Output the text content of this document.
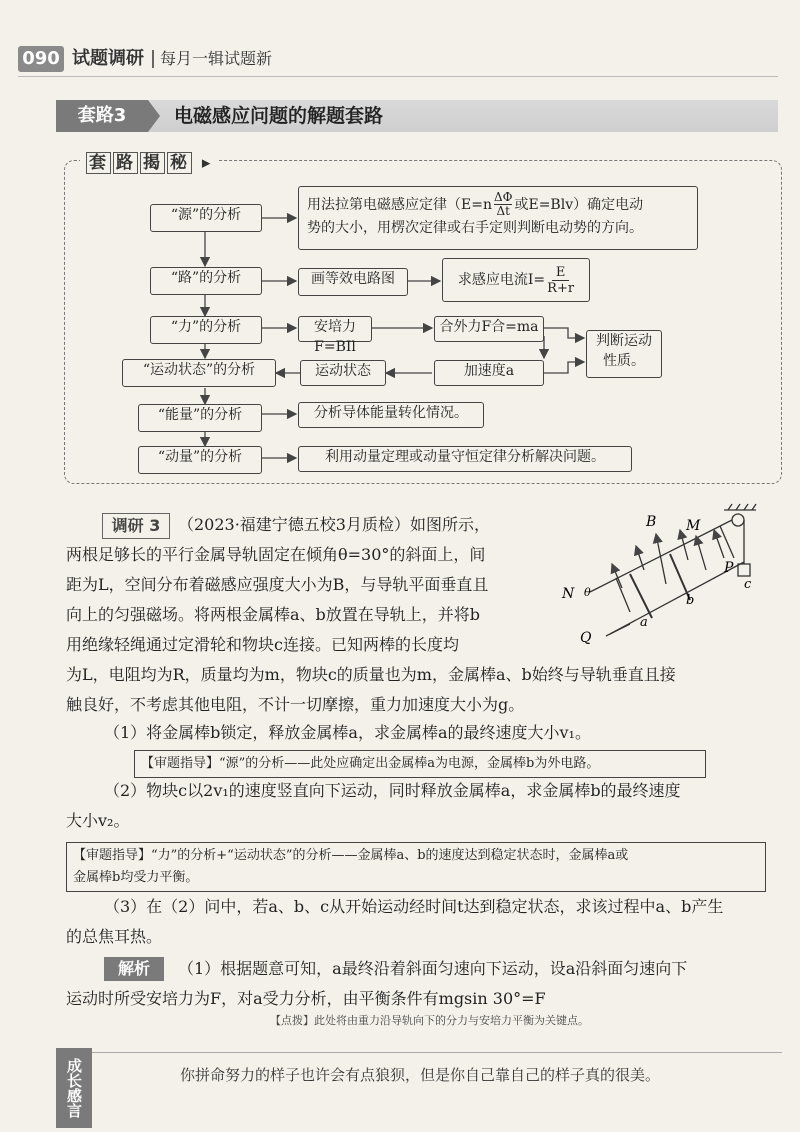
090 试题调研 每月一辑试题新
套路3	电磁感应问题的解题套路
套 路 揭 秘 ▸
“源”的分析
“路”的分析
“力”的分析
“运动状态”的分析
“能量”的分析
“动量”的分析
用法拉第电磁感应定律（$E=n \frac{\Delta\Phi}{\Delta t}$ 或E=Blv）确定电动
势的大小，用楞次定律或右手定则判断电动势的方向。
画等效电路图	求感应电流$I= \frac{E}{R+r}$
安培力F=BIl
合外力F合=ma
运动状态	加速度a
判断运动
性质。
分析导体能量转化情况。
利用动量定理或动量守恒定律分析解决问题。
调研 3	（2023·福建宁德五校3月质检）如图所示，
两根足够长的平行金属导轨固定在倾角θ=30°的斜面上，间
距为L，空间分布着磁感应强度大小为B，与导轨平面垂直且
向上的匀强磁场。将两根金属棒a、b放置在导轨上，并将b
用绝缘轻绳通过定滑轮和物块c连接。已知两棒的长度均
为L，电阻均为R，质量均为m，物块c的质量也为m，金属棒a、b始终与导轨垂直且接
触良好，不考虑其他电阻，不计一切摩擦，重力加速度大小为g。
B M
P
N
Q
a
b
c
θ
（1）将金属棒b锁定，释放金属棒a，求金属棒a的最终速度大小v₁。
【审题指导】“源”的分析——此处应确定出金属棒a为电源，金属棒b为外电路。
（2）物块c以2v₁的速度竖直向下运动，同时释放金属棒a，求金属棒b的最终速度
大小v₂。
【审题指导】“力”的分析+“运动状态”的分析——金属棒a、b的速度达到稳定状态时，金属棒a或
金属棒b均受力平衡。
（3）在（2）问中，若a、b、c从开始运动经时间t达到稳定状态，求该过程中a、b产生
的总焦耳热。
解析	（1）根据题意可知，a最终沿着斜面匀速向下运动，设a沿斜面匀速向下
运动时所受安培力为F，对a受力分析，由平衡条件有mgsin 30°=F
【点拨】此处将由重力沿导轨向下的分力与安培力平衡为关键点。
成长感言	你拼命努力的样子也许会有点狼狈，但是你自己靠自己的样子真的很美。
